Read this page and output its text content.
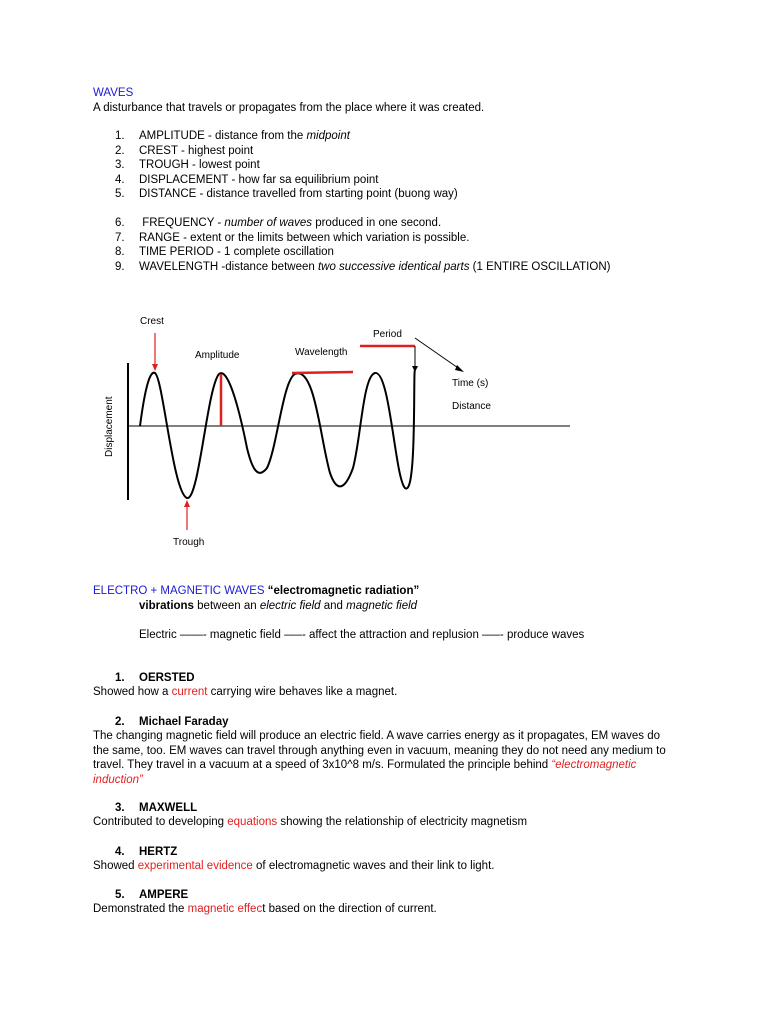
WAVES

A disturbance that travels or propagates from the place where it was created.

1.	AMPLITUDE - distance from the midpoint
2.	CREST - highest point
3.	TROUGH - lowest point
4.	DISPLACEMENT - how far sa equilibrium point
5.	DISTANCE - distance travelled from starting point (buong way)
6.	FREQUENCY - number of waves produced in one second.
7.	RANGE - extent or the limits between which variation is possible.
8.	TIME PERIOD - 1 complete oscillation
9.	WAVELENGTH -distance between two successive identical parts (1 ENTIRE OSCILLATION)
Crest
Amplitude	Wavelength
Period
Time (s)
Distance
Trough
Displacement

ELECTRO + MAGNETIC WAVES “electromagnetic radiation”

vibrations between an electric field and magnetic field

Electric ——- magnetic field —–- affect the attraction and replusion —–- produce waves

1. OERSTED

Showed how a current carrying wire behaves like a magnet.

2. Michael Faraday

The changing magnetic field will produce an electric field. A wave carries energy as it propagates, EM waves do

the same, too. EM waves can travel through anything even in vacuum, meaning they do not need any medium to

travel. They travel in a vacuum at a speed of 3x10^8 m/s. Formulated the principle behind “electromagnetic

induction”

3. MAXWELL

Contributed to developing equations showing the relationship of electricity magnetism

4. HERTZ

Showed experimental evidence of electromagnetic waves and their link to light.

5. AMPERE

Demonstrated the magnetic effect based on the direction of current.
